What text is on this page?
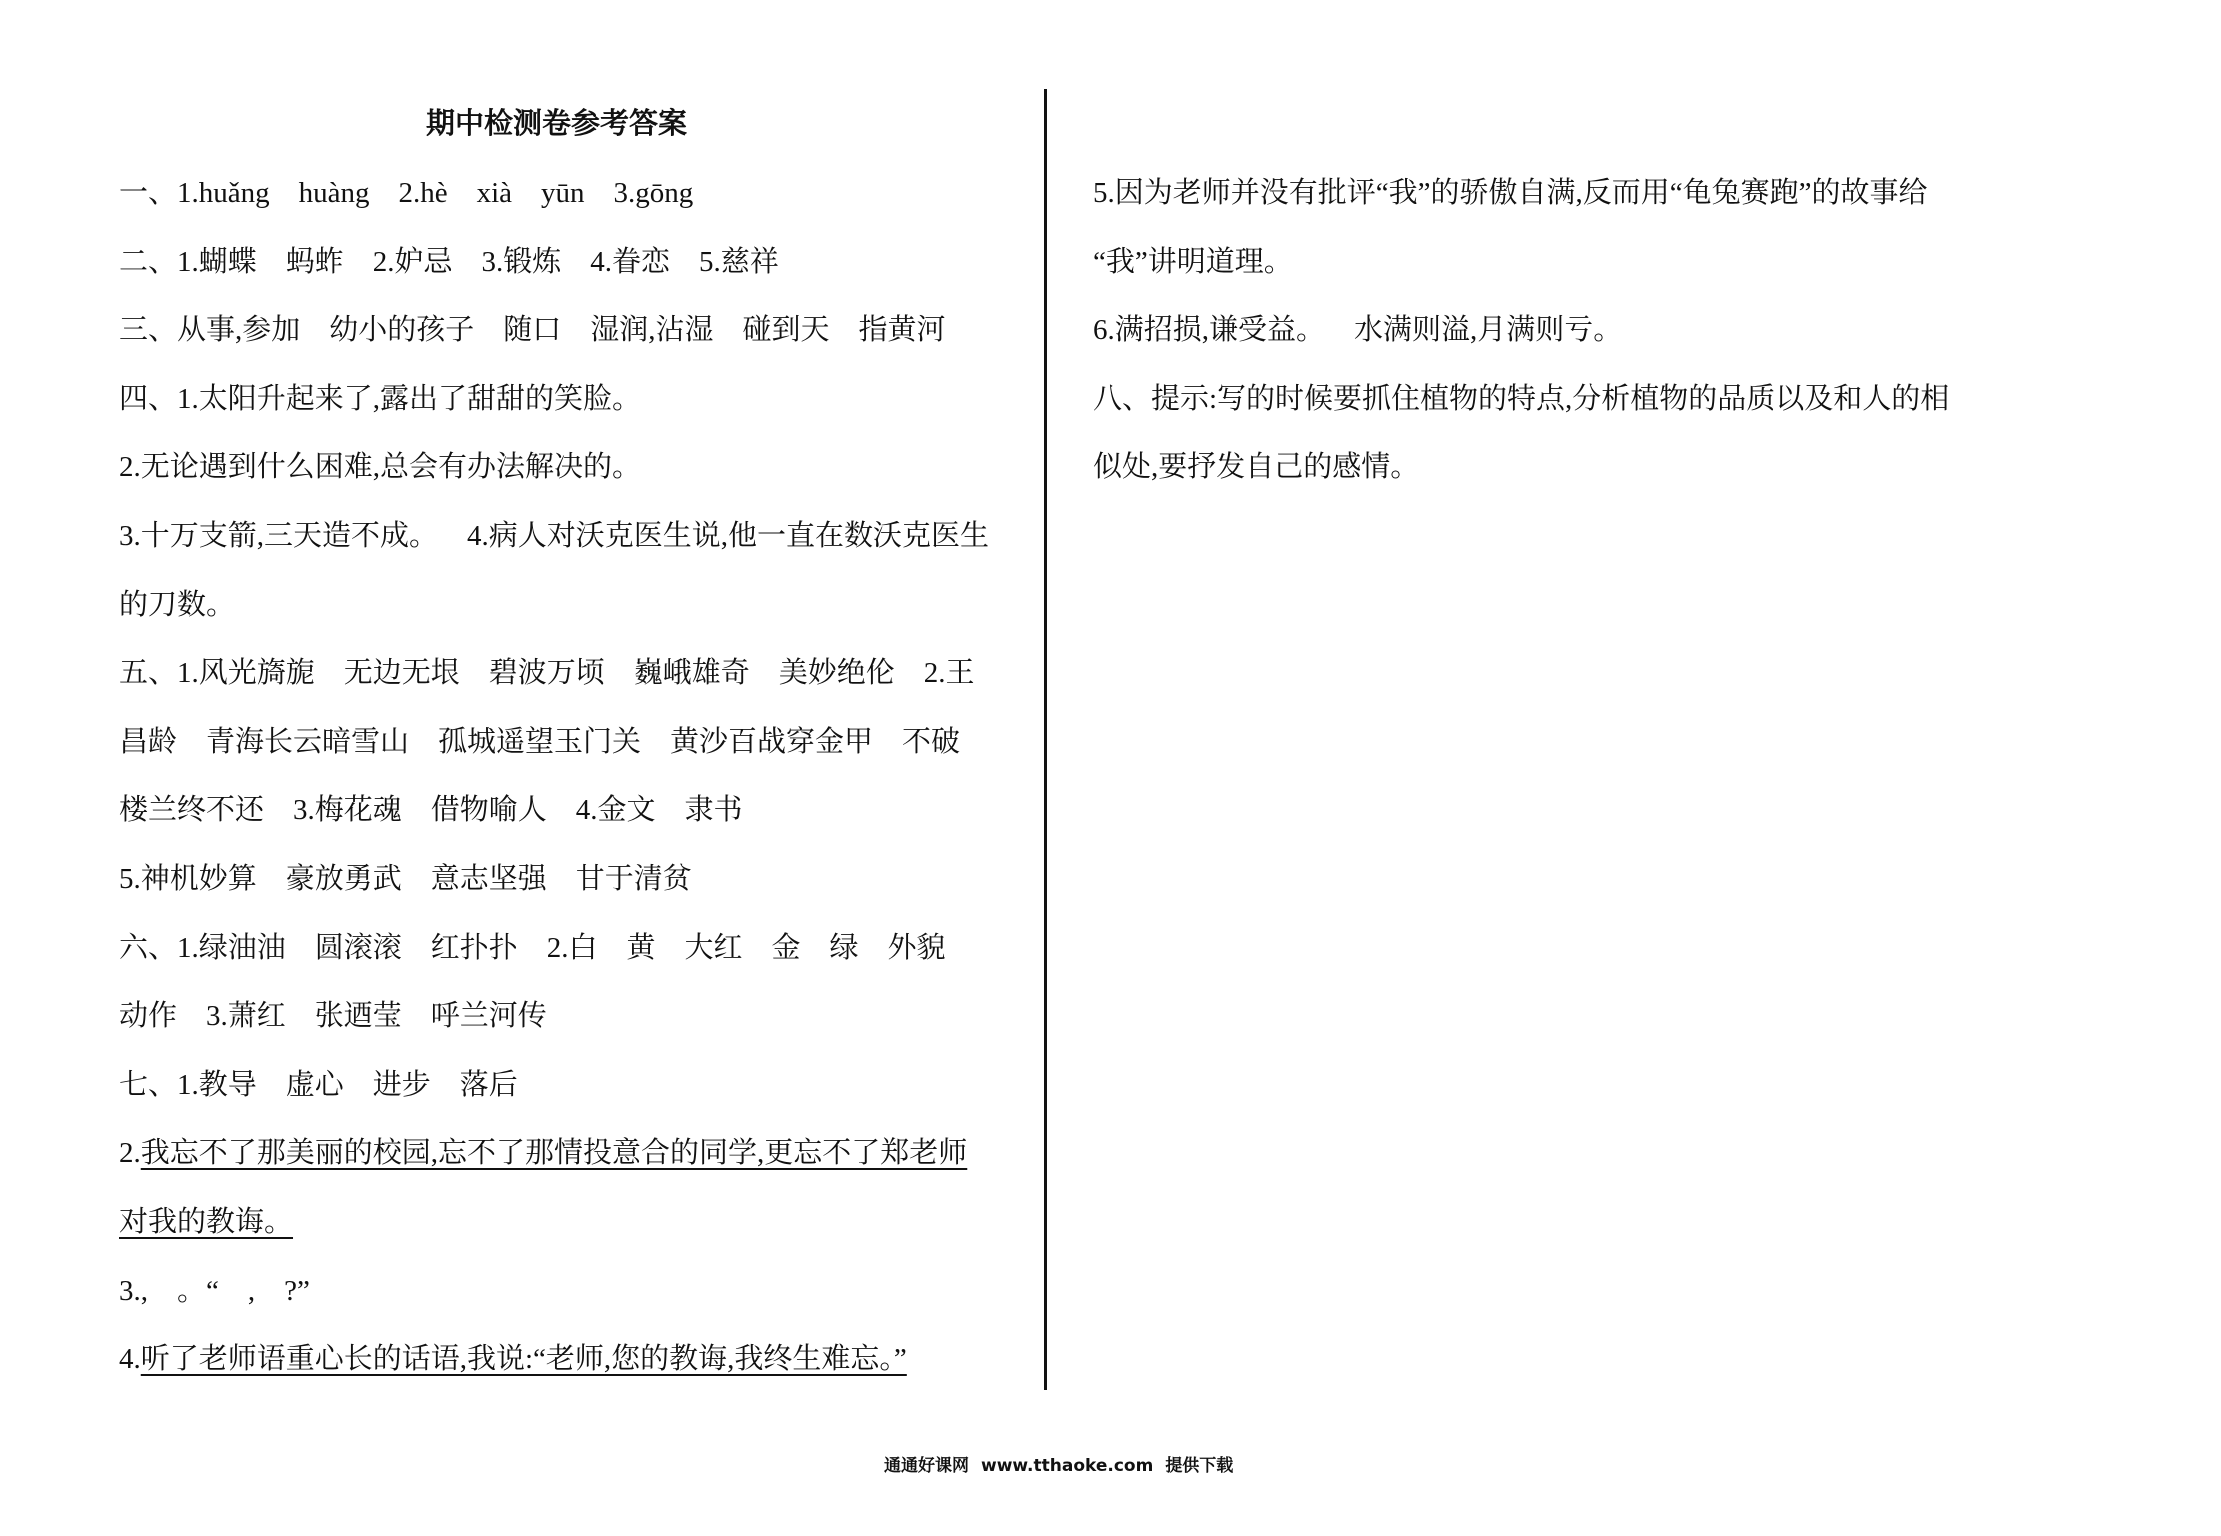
期中检测卷参考答案
一、1.huǎng    huàng    2.hè    xià    yūn    3.gōng
二、1.蝴蝶    蚂蚱    2.妒忌    3.锻炼    4.眷恋    5.慈祥
三、从事,参加    幼小的孩子    随口    湿润,沾湿    碰到天    指黄河
四、1.太阳升起来了,露出了甜甜的笑脸。
2.无论遇到什么困难,总会有办法解决的。
3.十万支箭,三天造不成。    4.病人对沃克医生说,他一直在数沃克医生
的刀数。
五、1.风光旖旎    无边无垠    碧波万顷    巍峨雄奇    美妙绝伦    2.王
昌龄    青海长云暗雪山    孤城遥望玉门关    黄沙百战穿金甲    不破
楼兰终不还    3.梅花魂    借物喻人    4.金文    隶书
5.神机妙算    豪放勇武    意志坚强    甘于清贫
六、1.绿油油    圆滚滚    红扑扑    2.白    黄    大红    金    绿    外貌
动作    3.萧红    张迺莹    呼兰河传
七、1.教导    虚心    进步    落后
2.我忘不了那美丽的校园,忘不了那情投意合的同学,更忘不了郑老师
对我的教诲。
3.,    。“    ,    ?”
4.听了老师语重心长的话语,我说:“老师,您的教诲,我终生难忘。”
5.因为老师并没有批评“我”的骄傲自满,反而用“龟兔赛跑”的故事给
“我”讲明道理。
6.满招损,谦受益。    水满则溢,月满则亏。
八、提示:写的时候要抓住植物的特点,分析植物的品质以及和人的相
似处,要抒发自己的感情。
通通好课网 www.tthaoke.com 提供下载
